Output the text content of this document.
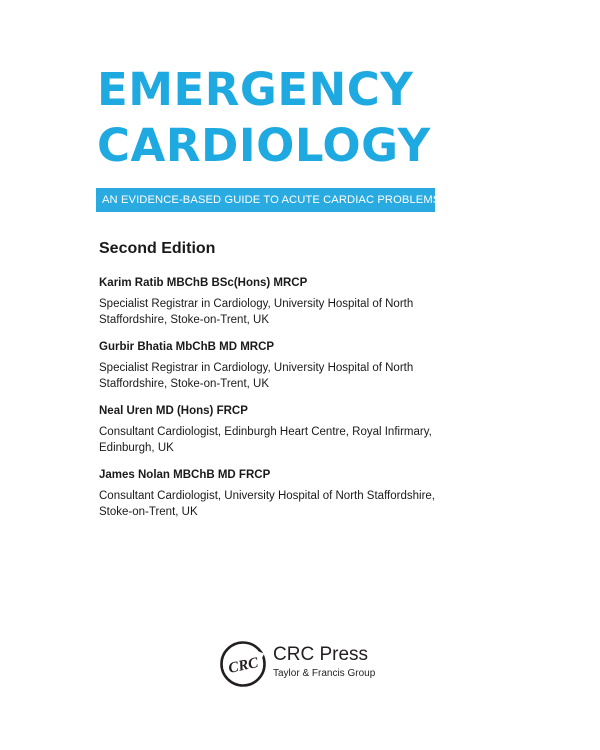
EMERGENCY
CARDIOLOGY
AN EVIDENCE-BASED GUIDE TO ACUTE CARDIAC PROBLEMS
Second Edition
Karim Ratib MBChB BSc(Hons) MRCP
Specialist Registrar in Cardiology, University Hospital of North
Staffordshire, Stoke-on-Trent, UK
Gurbir Bhatia MbChB MD MRCP
Specialist Registrar in Cardiology, University Hospital of North
Staffordshire, Stoke-on-Trent, UK
Neal Uren MD (Hons) FRCP
Consultant Cardiologist, Edinburgh Heart Centre, Royal Infirmary,
Edinburgh, UK
James Nolan MBChB MD FRCP
Consultant Cardiologist, University Hospital of North Staffordshire,
Stoke-on-Trent, UK
CRC
CRC Press
Taylor & Francis Group
